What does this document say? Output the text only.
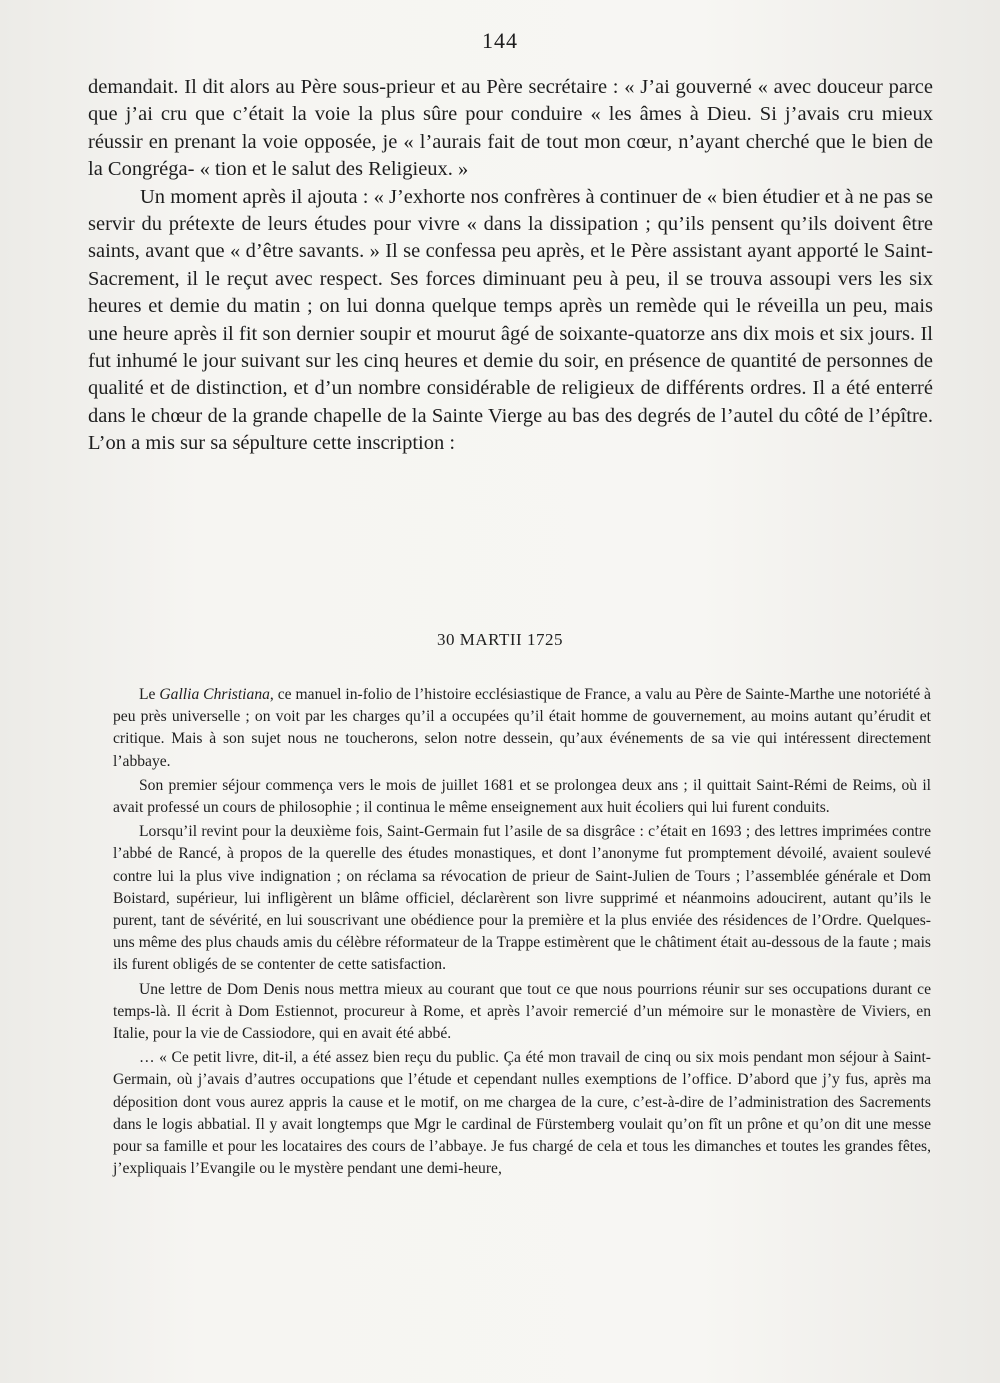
144

demandait. Il dit alors au Père sous-prieur et au Père secrétaire : « J’ai gouverné « avec douceur parce que j’ai cru que c’était la voie la plus sûre pour conduire « les âmes à Dieu. Si j’avais cru mieux réussir en prenant la voie opposée, je « l’aurais fait de tout mon cœur, n’ayant cherché que le bien de la Congréga- « tion et le salut des Religieux. »

Un moment après il ajouta : « J’exhorte nos confrères à continuer de « bien étudier et à ne pas se servir du prétexte de leurs études pour vivre « dans la dissipation ; qu’ils pensent qu’ils doivent être saints, avant que « d’être savants. » Il se confessa peu après, et le Père assistant ayant apporté le Saint-Sacrement, il le reçut avec respect. Ses forces diminuant peu à peu, il se trouva assoupi vers les six heures et demie du matin ; on lui donna quelque temps après un remède qui le réveilla un peu, mais une heure après il fit son dernier soupir et mourut âgé de soixante-quatorze ans dix mois et six jours. Il fut inhumé le jour suivant sur les cinq heures et demie du soir, en présence de quantité de personnes de qualité et de distinction, et d’un nombre considérable de religieux de différents ordres. Il a été enterré dans le chœur de la grande chapelle de la Sainte Vierge au bas des degrés de l’autel du côté de l’épître. L’on a mis sur sa sépulture cette inscription :

30 MARTII 1725

Le Gallia Christiana, ce manuel in-folio de l’histoire ecclésiastique de France, a valu au Père de Sainte-Marthe une notoriété à peu près universelle ; on voit par les charges qu’il a occupées qu’il était homme de gouvernement, au moins autant qu’érudit et critique. Mais à son sujet nous ne toucherons, selon notre dessein, qu’aux événements de sa vie qui intéressent directement l’abbaye.

Son premier séjour commença vers le mois de juillet 1681 et se prolongea deux ans ; il quittait Saint-Rémi de Reims, où il avait professé un cours de philosophie ; il continua le même enseignement aux huit écoliers qui lui furent conduits.

Lorsqu’il revint pour la deuxième fois, Saint-Germain fut l’asile de sa disgrâce : c’était en 1693 ; des lettres imprimées contre l’abbé de Rancé, à propos de la querelle des études monastiques, et dont l’anonyme fut promptement dévoilé, avaient soulevé contre lui la plus vive indignation ; on réclama sa révocation de prieur de Saint-Julien de Tours ; l’assemblée générale et Dom Boistard, supérieur, lui infligèrent un blâme officiel, déclarèrent son livre supprimé et néanmoins adoucirent, autant qu’ils le purent, tant de sévérité, en lui souscrivant une obédience pour la première et la plus enviée des résidences de l’Ordre. Quelques-uns même des plus chauds amis du célèbre réformateur de la Trappe estimèrent que le châtiment était au-dessous de la faute ; mais ils furent obligés de se contenter de cette satisfaction.

Une lettre de Dom Denis nous mettra mieux au courant que tout ce que nous pourrions réunir sur ses occupations durant ce temps-là. Il écrit à Dom Estiennot, procureur à Rome, et après l’avoir remercié d’un mémoire sur le monastère de Viviers, en Italie, pour la vie de Cassiodore, qui en avait été abbé.

… « Ce petit livre, dit-il, a été assez bien reçu du public. Ça été mon travail de cinq ou six mois pendant mon séjour à Saint-Germain, où j’avais d’autres occupations que l’étude et cependant nulles exemptions de l’office. D’abord que j’y fus, après ma déposition dont vous aurez appris la cause et le motif, on me chargea de la cure, c’est-à-dire de l’administration des Sacrements dans le logis abbatial. Il y avait longtemps que Mgr le cardinal de Fürstemberg voulait qu’on fît un prône et qu’on dit une messe pour sa famille et pour les locataires des cours de l’abbaye. Je fus chargé de cela et tous les dimanches et toutes les grandes fêtes, j’expliquais l’Evangile ou le mystère pendant une demi-heure,
